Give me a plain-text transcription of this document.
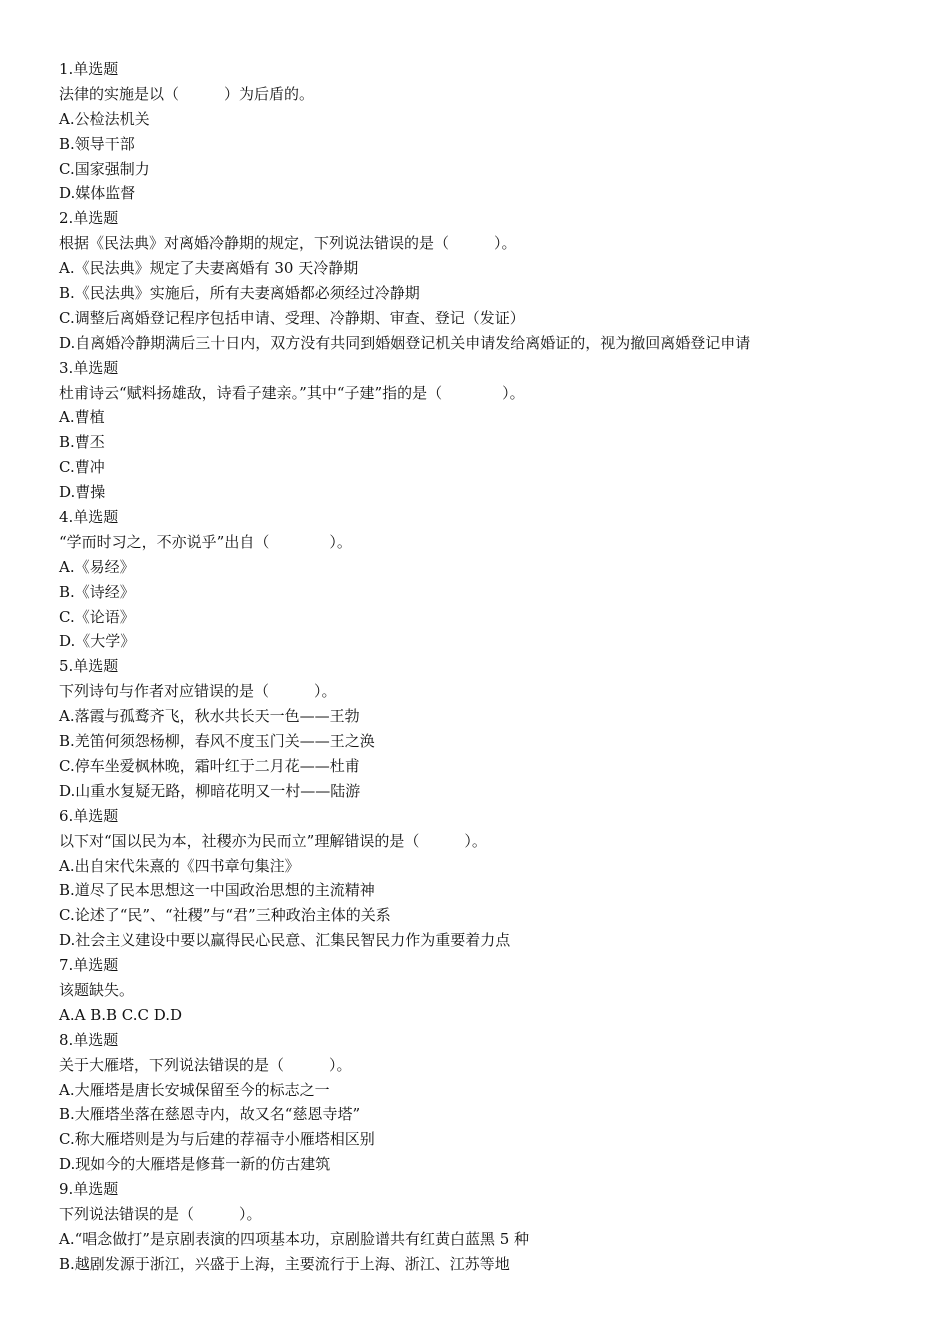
1.单选题
法律的实施是以（　　　）为后盾的。
A.公检法机关
B.领导干部
C.国家强制力
D.媒体监督
2.单选题
根据《民法典》对离婚冷静期的规定，下列说法错误的是（　　　）。
A.《民法典》规定了夫妻离婚有 30 天冷静期
B.《民法典》实施后，所有夫妻离婚都必须经过冷静期
C.调整后离婚登记程序包括申请、受理、冷静期、审查、登记（发证）
D.自离婚冷静期满后三十日内，双方没有共同到婚姻登记机关申请发给离婚证的，视为撤回离婚登记申请
3.单选题
杜甫诗云“赋料扬雄敌，诗看子建亲。”其中“子建”指的是（　　　　）。
A.曹植
B.曹丕
C.曹冲
D.曹操
4.单选题
“学而时习之，不亦说乎”出自（　　　　）。
A.《易经》
B.《诗经》
C.《论语》
D.《大学》
5.单选题
下列诗句与作者对应错误的是（　　　）。
A.落霞与孤鹜齐飞，秋水共长天一色——王勃
B.羌笛何须怨杨柳，春风不度玉门关——王之涣
C.停车坐爱枫林晚，霜叶红于二月花——杜甫
D.山重水复疑无路，柳暗花明又一村——陆游
6.单选题
以下对“国以民为本，社稷亦为民而立”理解错误的是（　　　）。
A.出自宋代朱熹的《四书章句集注》
B.道尽了民本思想这一中国政治思想的主流精神
C.论述了“民”、“社稷”与“君”三种政治主体的关系
D.社会主义建设中要以赢得民心民意、汇集民智民力作为重要着力点
7.单选题
该题缺失。
A.A B.B C.C D.D
8.单选题
关于大雁塔，下列说法错误的是（　　　）。
A.大雁塔是唐长安城保留至今的标志之一
B.大雁塔坐落在慈恩寺内，故又名“慈恩寺塔”
C.称大雁塔则是为与后建的荐福寺小雁塔相区别
D.现如今的大雁塔是修葺一新的仿古建筑
9.单选题
下列说法错误的是（　　　）。
A.“唱念做打”是京剧表演的四项基本功，京剧脸谱共有红黄白蓝黑 5 种
B.越剧发源于浙江，兴盛于上海，主要流行于上海、浙江、江苏等地
